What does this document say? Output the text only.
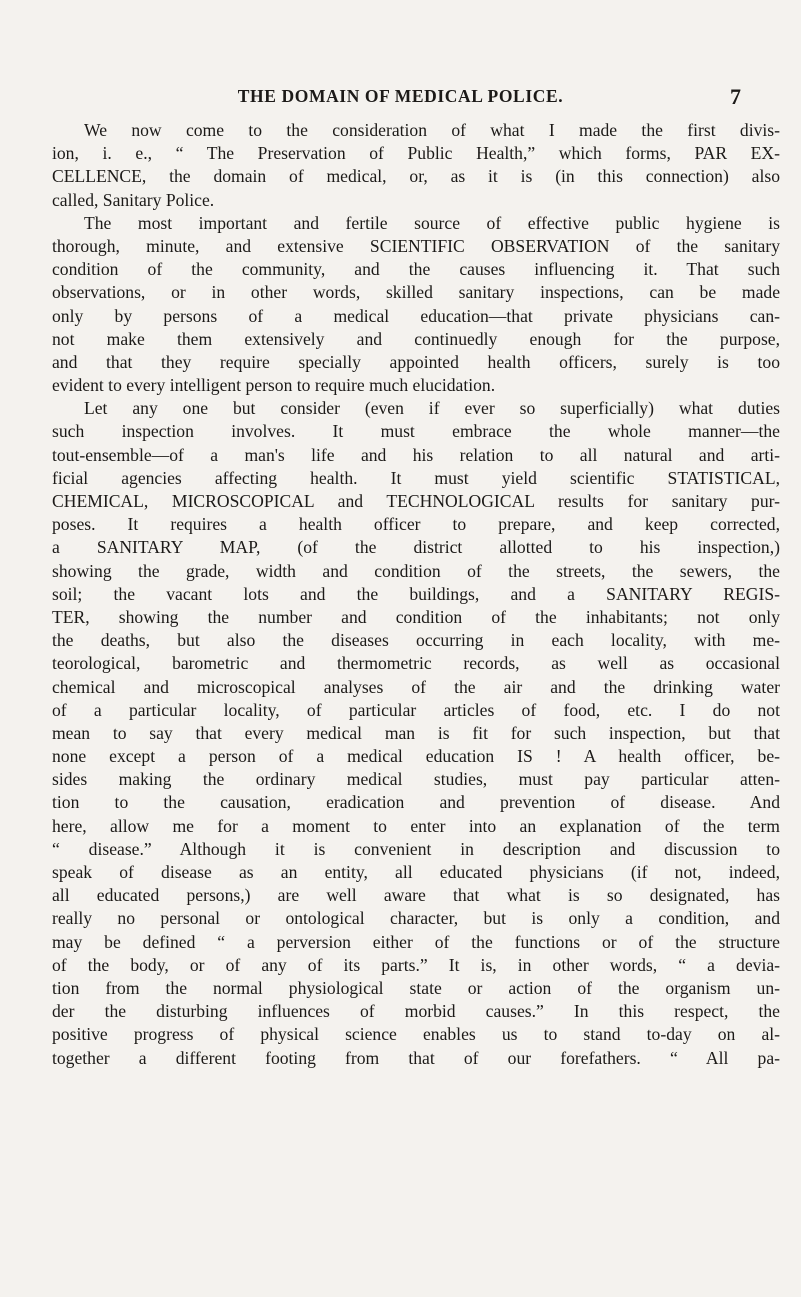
THE DOMAIN OF MEDICAL POLICE.	7
We now come to the consideration of what I made the first divis-
ion, i. e., “ The Preservation of Public Health,” which forms, PAR EX-
CELLENCE, the domain of medical, or, as it is (in this connection) also
called, Sanitary Police.
The most important and fertile source of effective public hygiene is
thorough, minute, and extensive SCIENTIFIC OBSERVATION of the sanitary
condition of the community, and the causes influencing it. That such
observations, or in other words, skilled sanitary inspections, can be made
only by persons of a medical education—that private physicians can-
not make them extensively and continuedly enough for the purpose,
and that they require specially appointed health officers, surely is too
evident to every intelligent person to require much elucidation.
Let any one but consider (even if ever so superficially) what duties
such inspection involves. It must embrace the whole manner—the
tout-ensemble—of a man's life and his relation to all natural and arti-
ficial agencies affecting health. It must yield scientific STATISTICAL,
CHEMICAL, MICROSCOPICAL and TECHNOLOGICAL results for sanitary pur-
poses. It requires a health officer to prepare, and keep corrected,
a SANITARY MAP, (of the district allotted to his inspection,)
showing the grade, width and condition of the streets, the sewers, the
soil; the vacant lots and the buildings, and a SANITARY REGIS-
TER, showing the number and condition of the inhabitants; not only
the deaths, but also the diseases occurring in each locality, with me-
teorological, barometric and thermometric records, as well as occasional
chemical and microscopical analyses of the air and the drinking water
of a particular locality, of particular articles of food, etc. I do not
mean to say that every medical man is fit for such inspection, but that
none except a person of a medical education IS ! A health officer, be-
sides making the ordinary medical studies, must pay particular atten-
tion to the causation, eradication and prevention of disease. And
here, allow me for a moment to enter into an explanation of the term
“ disease.” Although it is convenient in description and discussion to
speak of disease as an entity, all educated physicians (if not, indeed,
all educated persons,) are well aware that what is so designated, has
really no personal or ontological character, but is only a condition, and
may be defined “ a perversion either of the functions or of the structure
of the body, or of any of its parts.” It is, in other words, “ a devia-
tion from the normal physiological state or action of the organism un-
der the disturbing influences of morbid causes.” In this respect, the
positive progress of physical science enables us to stand to-day on al-
together a different footing from that of our forefathers. “ All pa-
